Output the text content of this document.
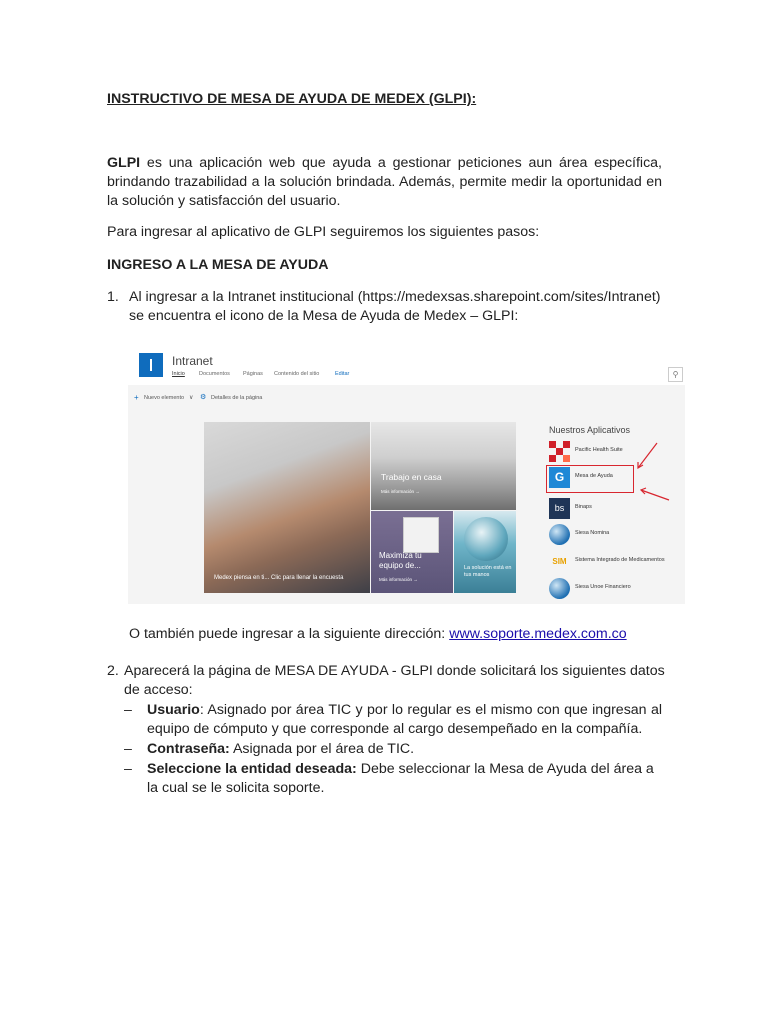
INSTRUCTIVO DE MESA DE AYUDA DE MEDEX (GLPI):
GLPI es una aplicación web que ayuda a gestionar peticiones aun área específica, brindando trazabilidad a la solución brindada. Además, permite medir la oportunidad en la solución y satisfacción del usuario.
Para ingresar al aplicativo de GLPI seguiremos los siguientes pasos:
INGRESO A LA MESA DE AYUDA
1. Al ingresar a la Intranet institucional (https://medexsas.sharepoint.com/sites/Intranet) se encuentra el icono de la Mesa de Ayuda de Medex – GLPI:
Intranet
Inicio	Documentos Páginas Contenido del sitio	Editar	⚲
+ Nuevo elemento ∨ ⚙ Detalles de la página
Medex piensa en ti... Clic para llenar la encuesta
Trabajo en casa
Más información →
Maximiza tu equipo de...
Más información →
La solución está en tus manos
Nuestros Aplicativos
Pacific Health Suite
G	Mesa de Ayuda
bs	Binaps
Siesa Nomina
SIM	Sistema Integrado de Medicamentos
Siesa Unoe Financiero
O también puede ingresar a la siguiente dirección: www.soporte.medex.com.co
2. Aparecerá la página de MESA DE AYUDA - GLPI donde solicitará los siguientes datos de acceso:
– Usuario: Asignado por área TIC y por lo regular es el mismo con que ingresan al equipo de cómputo y que corresponde al cargo desempeñado en la compañía.
– Contraseña: Asignada por el área de TIC.
– Seleccione la entidad deseada: Debe seleccionar la Mesa de Ayuda del área a la cual se le solicita soporte.
